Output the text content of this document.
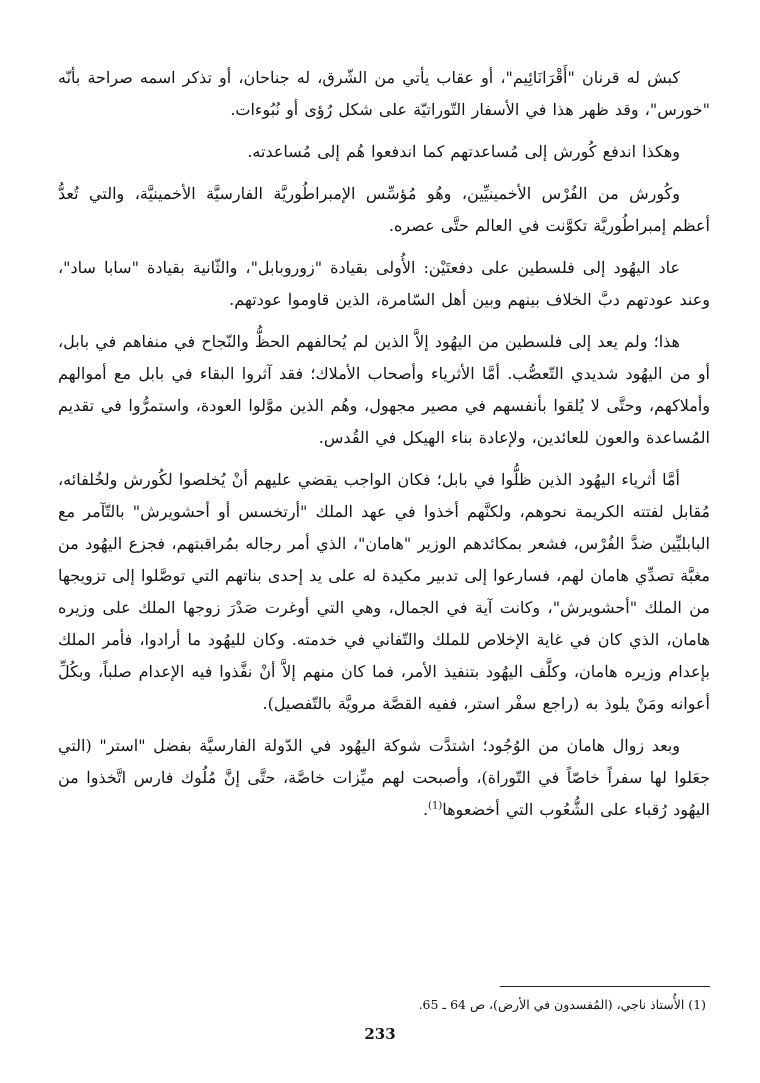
كبش له قرنان "أَقْرَانَائِيم"، أو عقاب يأتي من الشّرق، له جناحان، أو تذكر اسمه صراحة بأنّه "خورس"، وقد ظهر هذا في الأسفار التّوراتيّة على شكل رُؤى أو نُبُوءات.

وهكذا اندفع كُورش إلى مُساعدتهم كما اندفعوا هُم إلى مُساعدته.

وكُورش من الفُرْس الأخمينيِّين، وهُو مُؤسِّس الإمبراطُوريَّة الفارسيَّة الأخمينيَّة، والتي تُعدُّ أعظم إمبراطُوريَّة تكوَّنت في العالم حتَّى عصره.

عاد اليهُود إلى فلسطين على دفعتَيْن: الأُولى بقيادة "زوروبابل"، والثّانية بقيادة "سابا ساد"، وعند عودتهم دبَّ الخلاف بينهم وبين أهل السّامرة، الذين قاوموا عودتهم.

هذا؛ ولم يعد إلى فلسطين من اليهُود إلاَّ الذين لم يُحالفهم الحظُّ والنّجاح في منفاهم في بابل، أو من اليهُود شديدي التّعصُّب. أمَّا الأثرياء وأصحاب الأملاك؛ فقد آثروا البقاء في بابل مع أموالهم وأملاكهم، وحتَّى لا يُلقوا بأنفسهم في مصير مجهول، وهُم الذين موَّلوا العودة، واستمرُّوا في تقديم المُساعدة والعون للعائدين، ولإعادة بناء الهيكل في القُدس.

أمَّا أثرياء اليهُود الذين ظلُّوا في بابل؛ فكان الواجب يقضي عليهم أنْ يُخلصوا لكُورش ولخُلفائه، مُقابل لفتته الكريمة نحوهم، ولكنَّهم أخذوا في عهد الملك "أرتخسس أو أحشويرش" بالتّآمر مع البابليِّين ضدَّ الفُرْس، فشعر بمكائدهم الوزير "هامان"، الذي أمر رجاله بمُراقبتهم، فجزع اليهُود من مغبَّة تصدِّي هامان لهم، فسارعوا إلى تدبير مكيدة له على يد إحدى بناتهم التي توصَّلوا إلى تزويجها من الملك "أحشويرش"، وكانت آية في الجمال، وهي التي أوغرت صَدْرَ زوجها الملك على وزيره هامان، الذي كان في غاية الإخلاص للملك والتّفاني في خدمته. وكان لليهُود ما أرادوا، فأمر الملك بإعدام وزيره هامان، وكلَّف اليهُود بتنفيذ الأمر، فما كان منهم إلاَّ أنْ نفَّذوا فيه الإعدام صلباً، وبكُلِّ أعوانه ومَنْ يلوذ به (راجع سفْر استر، ففيه القصَّة مرويَّة بالتّفصيل).

وبعد زوال هامان من الوُجُود؛ اشتدَّت شوكة اليهُود في الدّولة الفارسيَّة بفضل "استر" (التي جعَلوا لها سفراً خاصّاً في التّوراة)، وأصبحت لهم ميِّزات خاصَّة، حتَّى إنَّ مُلُوك فارس اتَّخذوا من اليهُود رُقباء على الشُّعُوب التي أخضعوها$^{(1)}$.

(1) الأُستاذ ناجي، (المُفسدون في الأرض)، ص 64 ـ 65.

233
